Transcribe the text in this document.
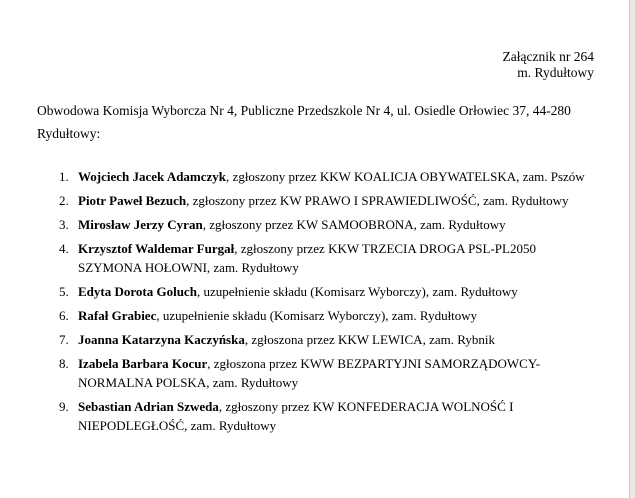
Załącznik nr 264
m. Rydułtowy
Obwodowa Komisja Wyborcza Nr 4, Publiczne Przedszkole Nr 4, ul. Osiedle Orłowiec 37, 44-280 Rydułtowy:
1. Wojciech Jacek Adamczyk, zgłoszony przez KKW KOALICJA OBYWATELSKA, zam. Pszów
2. Piotr Paweł Bezuch, zgłoszony przez KW PRAWO I SPRAWIEDLIWOŚĆ, zam. Rydułtowy
3. Mirosław Jerzy Cyran, zgłoszony przez KW SAMOOBRONA, zam. Rydułtowy
4. Krzysztof Waldemar Furgał, zgłoszony przez KKW TRZECIA DROGA PSL-PL2050 SZYMONA HOŁOWNI, zam. Rydułtowy
5. Edyta Dorota Goluch, uzupełnienie składu (Komisarz Wyborczy), zam. Rydułtowy
6. Rafał Grabiec, uzupełnienie składu (Komisarz Wyborczy), zam. Rydułtowy
7. Joanna Katarzyna Kaczyńska, zgłoszona przez KKW LEWICA, zam. Rybnik
8. Izabela Barbara Kocur, zgłoszona przez KWW BEZPARTYJNI SAMORZĄDOWCY-NORMALNA POLSKA, zam. Rydułtowy
9. Sebastian Adrian Szweda, zgłoszony przez KW KONFEDERACJA WOLNOŚĆ I NIEPODLEGŁOŚĆ, zam. Rydułtowy
